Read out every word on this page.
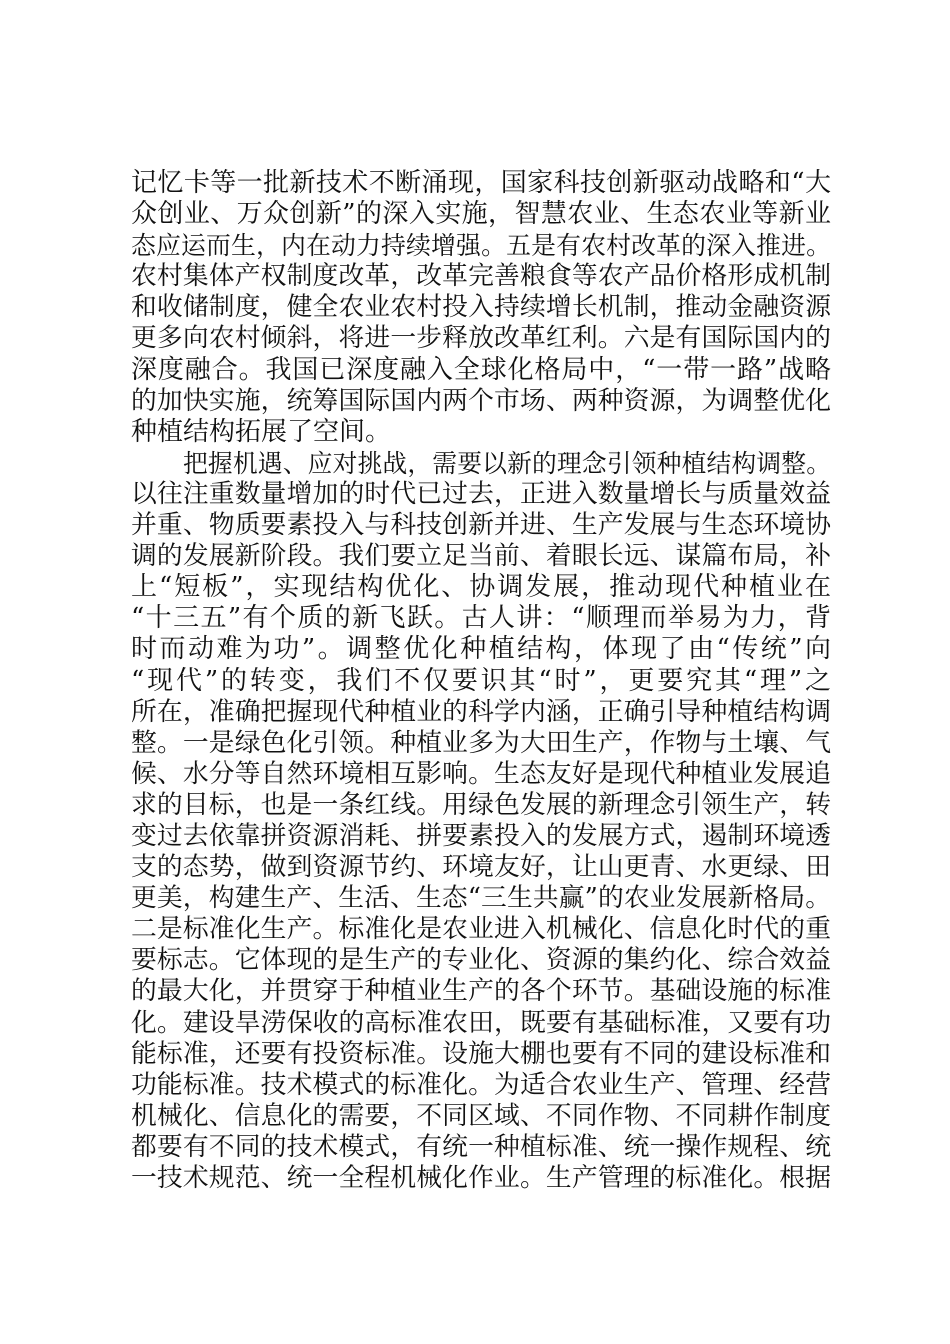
记忆卡等一批新技术不断涌现，国家科技创新驱动战略和“大
众创业、万众创新”的深入实施，智慧农业、生态农业等新业
态应运而生，内在动力持续增强。五是有农村改革的深入推进。
农村集体产权制度改革，改革完善粮食等农产品价格形成机制
和收储制度，健全农业农村投入持续增长机制，推动金融资源
更多向农村倾斜，将进一步释放改革红利。六是有国际国内的
深度融合。我国已深度融入全球化格局中，“一带一路”战略
的加快实施，统筹国际国内两个市场、两种资源，为调整优化
种植结构拓展了空间。
把握机遇、应对挑战，需要以新的理念引领种植结构调整。
以往注重数量增加的时代已过去，正进入数量增长与质量效益
并重、物质要素投入与科技创新并进、生产发展与生态环境协
调的发展新阶段。我们要立足当前、着眼长远、谋篇布局，补
上“短板”，实现结构优化、协调发展，推动现代种植业在
“十三五”有个质的新飞跃。古人讲：“顺理而举易为力，背
时而动难为功”。调整优化种植结构，体现了由“传统”向
“现代”的转变，我们不仅要识其“时”，更要究其“理”之
所在，准确把握现代种植业的科学内涵，正确引导种植结构调
整。一是绿色化引领。种植业多为大田生产，作物与土壤、气
候、水分等自然环境相互影响。生态友好是现代种植业发展追
求的目标，也是一条红线。用绿色发展的新理念引领生产，转
变过去依靠拼资源消耗、拼要素投入的发展方式，遏制环境透
支的态势，做到资源节约、环境友好，让山更青、水更绿、田
更美，构建生产、生活、生态“三生共赢”的农业发展新格局。
二是标准化生产。标准化是农业进入机械化、信息化时代的重
要标志。它体现的是生产的专业化、资源的集约化、综合效益
的最大化，并贯穿于种植业生产的各个环节。基础设施的标准
化。建设旱涝保收的高标准农田，既要有基础标准，又要有功
能标准，还要有投资标准。设施大棚也要有不同的建设标准和
功能标准。技术模式的标准化。为适合农业生产、管理、经营
机械化、信息化的需要，不同区域、不同作物、不同耕作制度
都要有不同的技术模式，有统一种植标准、统一操作规程、统
一技术规范、统一全程机械化作业。生产管理的标准化。根据
